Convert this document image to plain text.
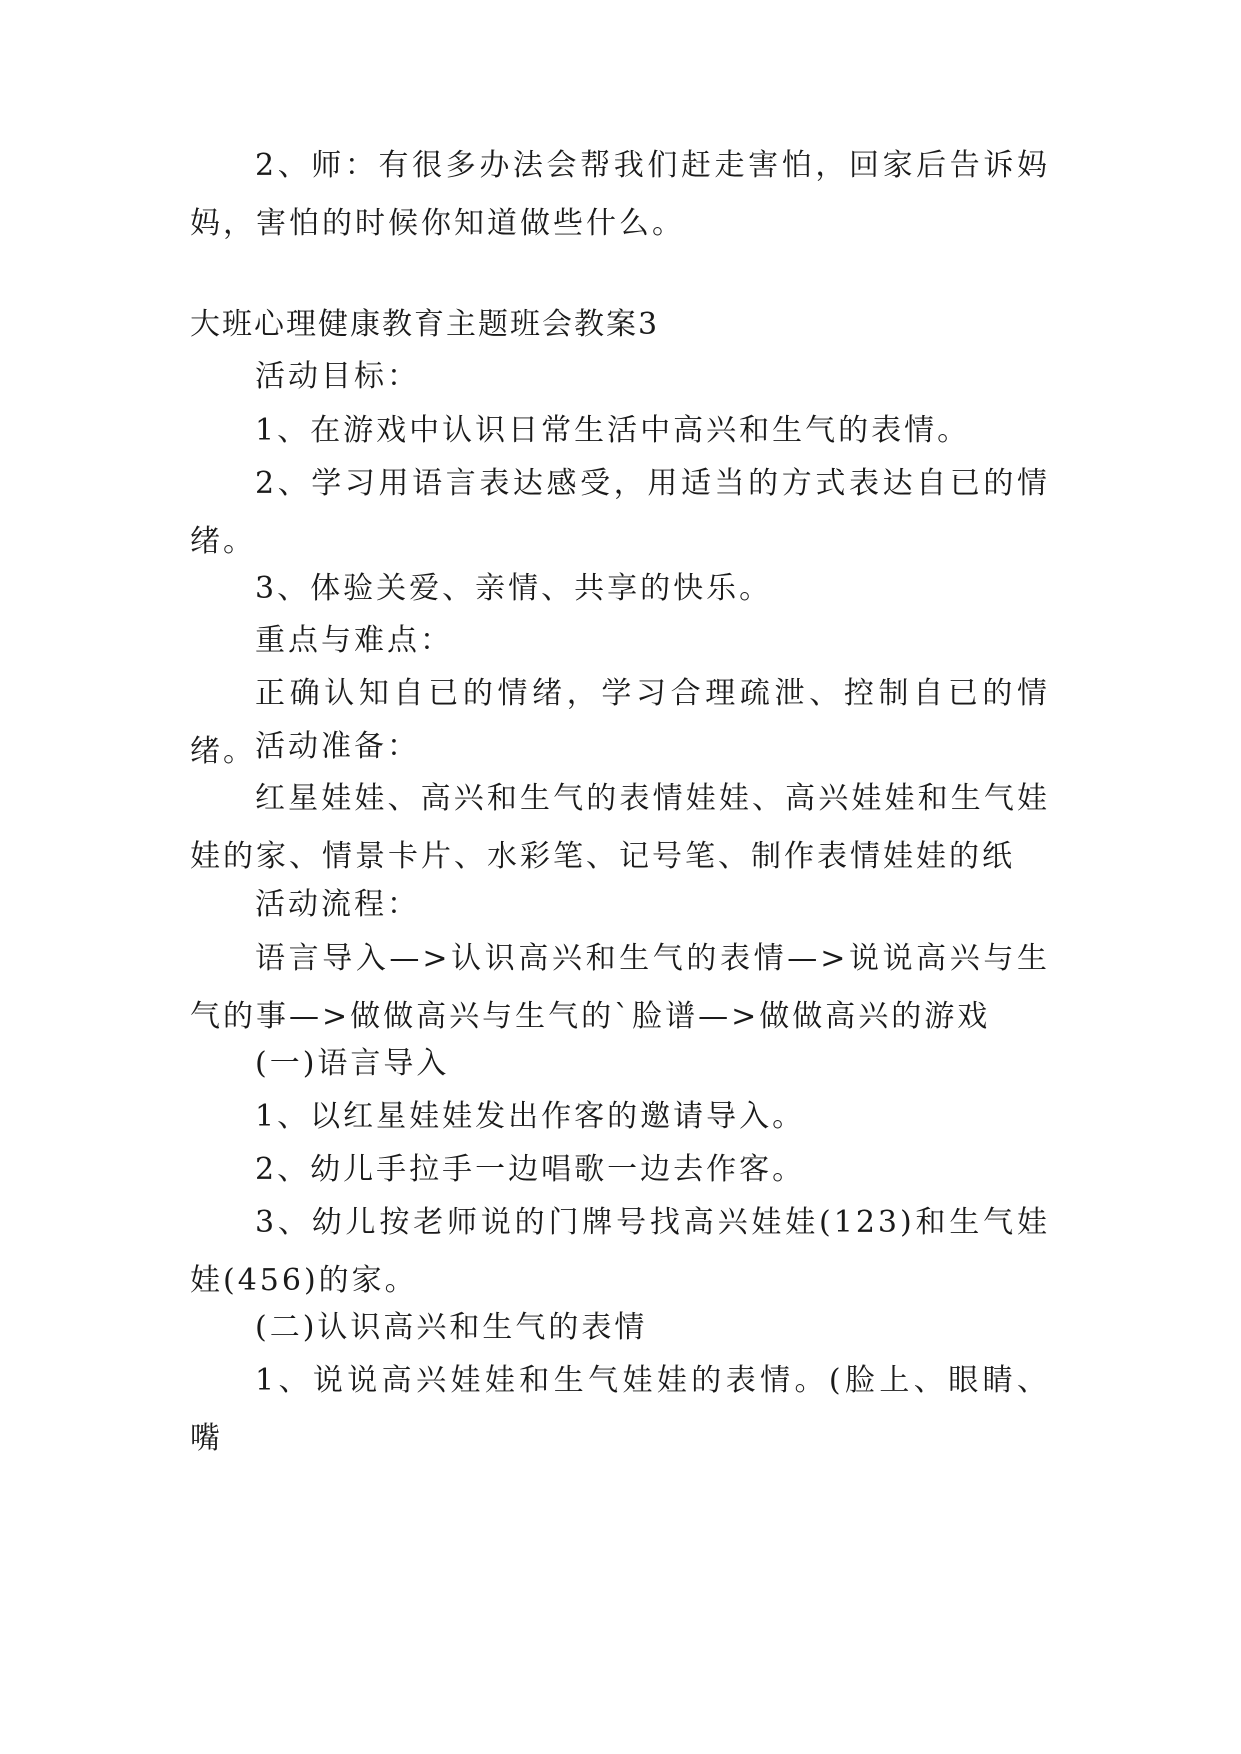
2、师：有很多办法会帮我们赶走害怕，回家后告诉妈妈，害怕的时候你知道做些什么。

大班心理健康教育主题班会教案3

活动目标：

1、在游戏中认识日常生活中高兴和生气的表情。

2、学习用语言表达感受，用适当的方式表达自已的情绪。

3、体验关爱、亲情、共享的快乐。

重点与难点：

正确认知自已的情绪，学习合理疏泄、控制自已的情绪。 活动准备：

红星娃娃、高兴和生气的表情娃娃、高兴娃娃和生气娃娃的家、情景卡片、水彩笔、记号笔、制作表情娃娃的纸

活动流程：

语言导入—>认识高兴和生气的表情—>说说高兴与生气的事—>做做高兴与生气的`脸谱—>做做高兴的游戏

(一)语言导入

1、以红星娃娃发出作客的邀请导入。

2、幼儿手拉手一边唱歌一边去作客。

3、幼儿按老师说的门牌号找高兴娃娃(123)和生气娃娃(456)的家。

(二)认识高兴和生气的表情

1、说说高兴娃娃和生气娃娃的表情。(脸上、眼睛、嘴
